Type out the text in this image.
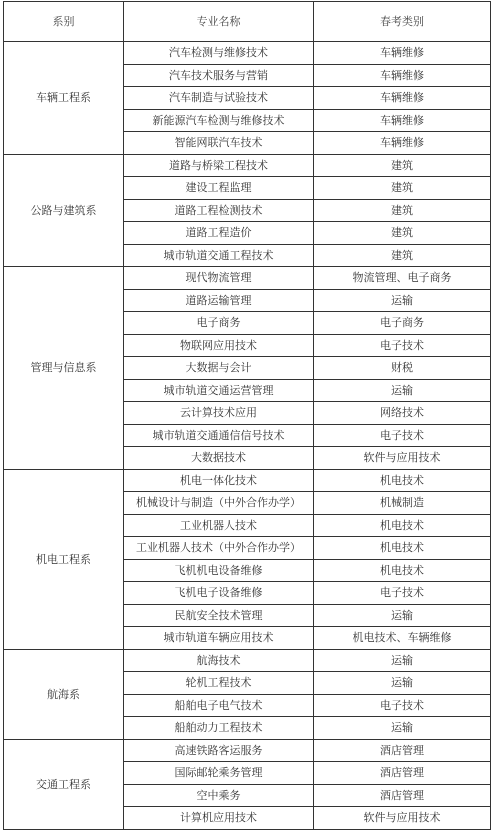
系别	专业名称	春考类别
车辆工程系	汽车检测与维修技术	车辆维修
	汽车技术服务与营销	车辆维修
	汽车制造与试验技术	车辆维修
	新能源汽车检测与维修技术	车辆维修
	智能网联汽车技术	车辆维修
公路与建筑系	道路与桥梁工程技术	建筑
	建设工程监理	建筑
	道路工程检测技术	建筑
	道路工程造价	建筑
	城市轨道交通工程技术	建筑
管理与信息系	现代物流管理	物流管理、电子商务
	道路运输管理	运输
	电子商务	电子商务
	物联网应用技术	电子技术
	大数据与会计	财税
	城市轨道交通运营管理	运输
	云计算技术应用	网络技术
	城市轨道交通通信信号技术	电子技术
	大数据技术	软件与应用技术
机电工程系	机电一体化技术	机电技术
	机械设计与制造（中外合作办学）	机械制造
	工业机器人技术	机电技术
	工业机器人技术（中外合作办学）	机电技术
	飞机机电设备维修	机电技术
	飞机电子设备维修	电子技术
	民航安全技术管理	运输
	城市轨道车辆应用技术	机电技术、车辆维修
航海系	航海技术	运输
	轮机工程技术	运输
	船舶电子电气技术	电子技术
	船舶动力工程技术	运输
交通工程系	高速铁路客运服务	酒店管理
	国际邮轮乘务管理	酒店管理
	空中乘务	酒店管理
	计算机应用技术	软件与应用技术
